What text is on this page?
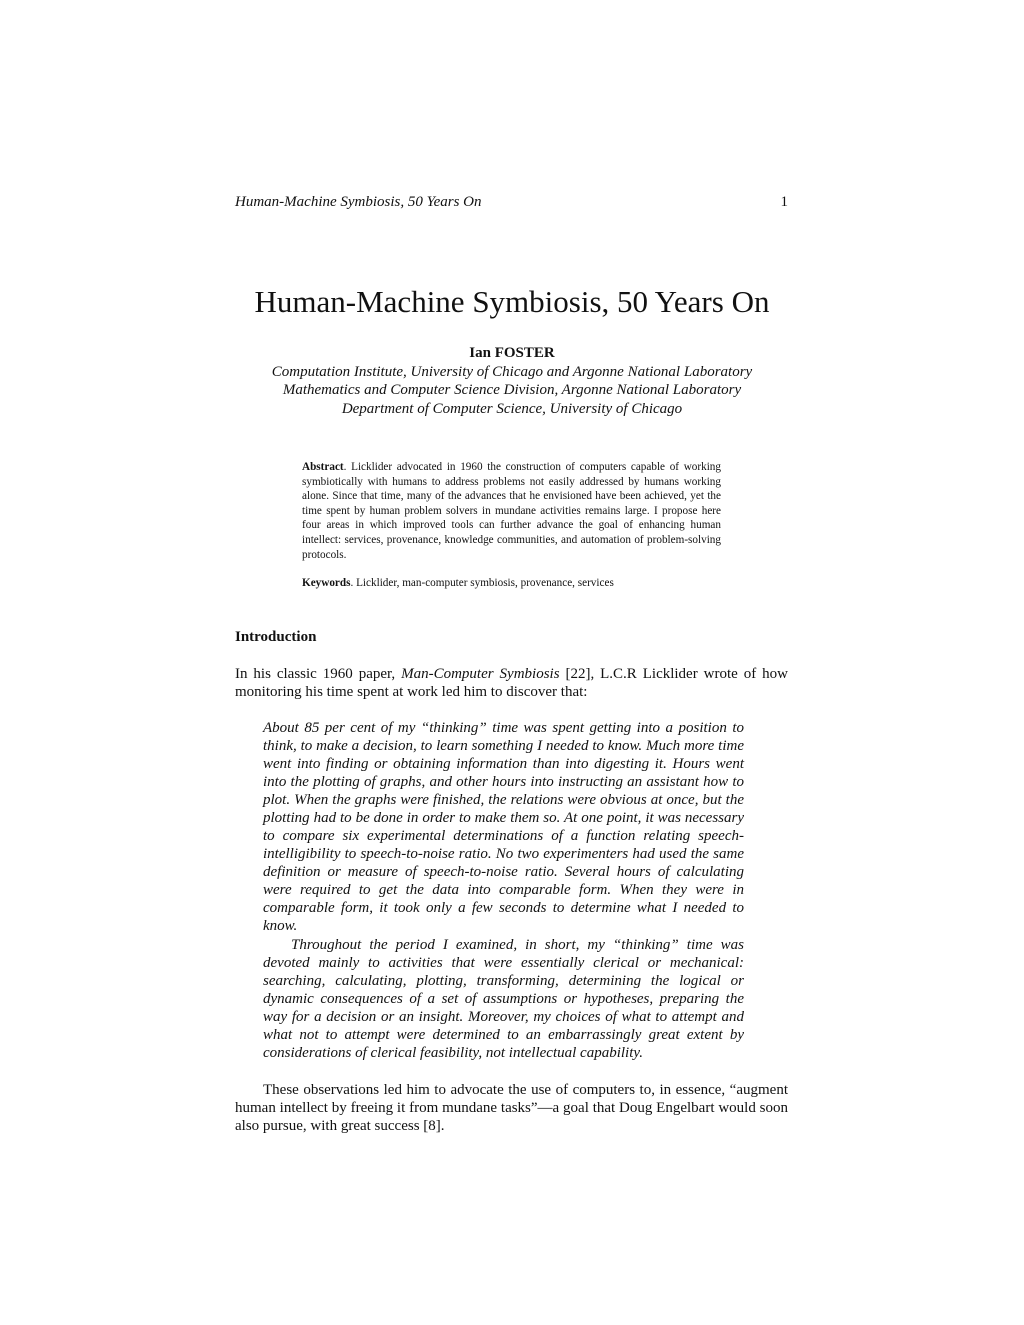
Human-Machine Symbiosis, 50 Years On	1
Human-Machine Symbiosis, 50 Years On
Ian FOSTER
Computation Institute, University of Chicago and Argonne National Laboratory
Mathematics and Computer Science Division, Argonne National Laboratory
Department of Computer Science, University of Chicago

Abstract. Licklider advocated in 1960 the construction of computers capable of working symbiotically with humans to address problems not easily addressed by humans working alone. Since that time, many of the advances that he envisioned have been achieved, yet the time spent by human problem solvers in mundane activities remains large. I propose here four areas in which improved tools can further advance the goal of enhancing human intellect: services, provenance, knowledge communities, and automation of problem-solving protocols.

Keywords. Licklider, man-computer symbiosis, provenance, services

Introduction

In his classic 1960 paper, Man-Computer Symbiosis [22], L.C.R Licklider wrote of how monitoring his time spent at work led him to discover that:

About 85 per cent of my “thinking” time was spent getting into a position to think, to make a decision, to learn something I needed to know. Much more time went into finding or obtaining information than into digesting it. Hours went into the plotting of graphs, and other hours into instructing an assistant how to plot. When the graphs were finished, the relations were obvious at once, but the plotting had to be done in order to make them so. At one point, it was necessary to compare six experimental determinations of a function relating speech-intelligibility to speech-to-noise ratio. No two experimenters had used the same definition or measure of speech-to-noise ratio. Several hours of calculating were required to get the data into comparable form. When they were in comparable form, it took only a few seconds to determine what I needed to know.

Throughout the period I examined, in short, my “thinking” time was devoted mainly to activities that were essentially clerical or mechanical: searching, calculating, plotting, transforming, determining the logical or dynamic consequences of a set of assumptions or hypotheses, preparing the way for a decision or an insight. Moreover, my choices of what to attempt and what not to attempt were determined to an embarrassingly great extent by considerations of clerical feasibility, not intellectual capability.

These observations led him to advocate the use of computers to, in essence, “augment human intellect by freeing it from mundane tasks”—a goal that Doug Engelbart would soon also pursue, with great success [8].
